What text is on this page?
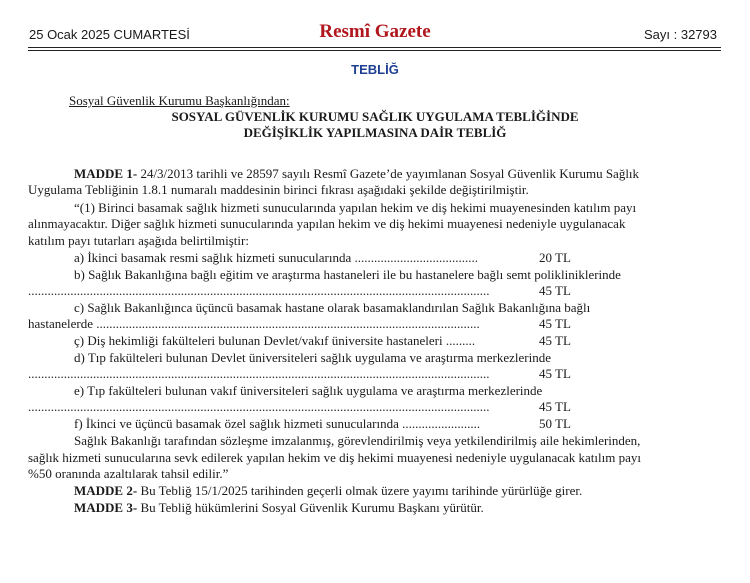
25 Ocak 2025 CUMARTESİ	Resmî Gazete	Sayı : 32793
TEBLİĞ
Sosyal Güvenlik Kurumu Başkanlığından:
SOSYAL GÜVENLİK KURUMU SAĞLIK UYGULAMA TEBLİĞİNDE
DEĞİŞİKLİK YAPILMASINA DAİR TEBLİĞ
MADDE 1- 24/3/2013 tarihli ve 28597 sayılı Resmî Gazete’de yayımlanan Sosyal Güvenlik Kurumu Sağlık
Uygulama Tebliğinin 1.8.1 numaralı maddesinin birinci fıkrası aşağıdaki şekilde değiştirilmiştir.
“(1) Birinci basamak sağlık hizmeti sunucularında yapılan hekim ve diş hekimi muayenesinden katılım payı
alınmayacaktır. Diğer sağlık hizmeti sunucularında yapılan hekim ve diş hekimi muayenesi nedeniyle uygulanacak
katılım payı tutarları aşağıda belirtilmiştir:
a) İkinci basamak resmi sağlık hizmeti sunucularında ......................................	20 TL
b) Sağlık Bakanlığına bağlı eğitim ve araştırma hastaneleri ile bu hastanelere bağlı semt polikliniklerinde
..............................................................................................................................................	45 TL
c) Sağlık Bakanlığınca üçüncü basamak hastane olarak basamaklandırılan Sağlık Bakanlığına bağlı
hastanelerde ......................................................................................................................	45 TL
ç) Diş hekimliği fakülteleri bulunan Devlet/vakıf üniversite hastaneleri .........	45 TL
d) Tıp fakülteleri bulunan Devlet üniversiteleri sağlık uygulama ve araştırma merkezlerinde
..............................................................................................................................................	45 TL
e) Tıp fakülteleri bulunan vakıf üniversiteleri sağlık uygulama ve araştırma merkezlerinde
..............................................................................................................................................	45 TL
f) İkinci ve üçüncü basamak özel sağlık hizmeti sunucularında ........................	50 TL
Sağlık Bakanlığı tarafından sözleşme imzalanmış, görevlendirilmiş veya yetkilendirilmiş aile hekimlerinden,
sağlık hizmeti sunucularına sevk edilerek yapılan hekim ve diş hekimi muayenesi nedeniyle uygulanacak katılım payı
%50 oranında azaltılarak tahsil edilir.”
MADDE 2- Bu Tebliğ 15/1/2025 tarihinden geçerli olmak üzere yayımı tarihinde yürürlüğe girer.
MADDE 3- Bu Tebliğ hükümlerini Sosyal Güvenlik Kurumu Başkanı yürütür.
